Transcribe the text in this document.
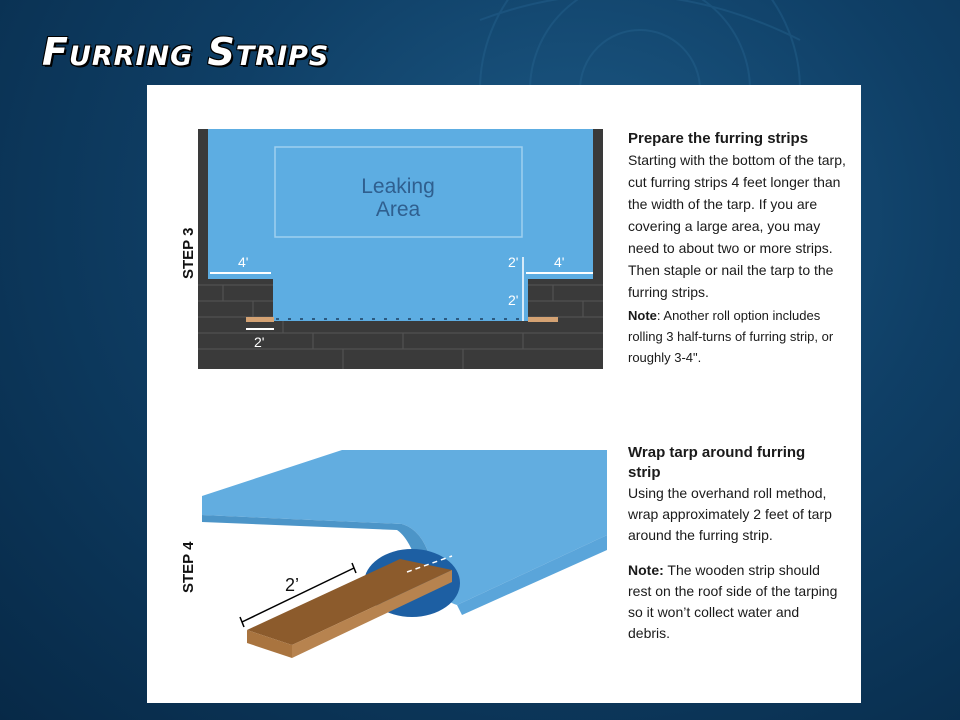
Furring Strips
STEP 3
Leaking
Area
4'	2'	4'
2'
2'
Prepare the furring strips
Starting with the bottom of the tarp, cut furring strips 4 feet longer than the width of the tarp. If you are covering a large area, you may need to about two or more strips. Then staple or nail the tarp to the furring strips.
Note: Another roll option includes rolling 3 half-turns of furring strip, or roughly 3-4".
STEP 4	2’
Wrap tarp around furring strip
Using the overhand roll method, wrap approximately 2 feet of tarp around the furring strip.
Note: The wooden strip should rest on the roof side of the tarping so it won’t collect water and debris.
